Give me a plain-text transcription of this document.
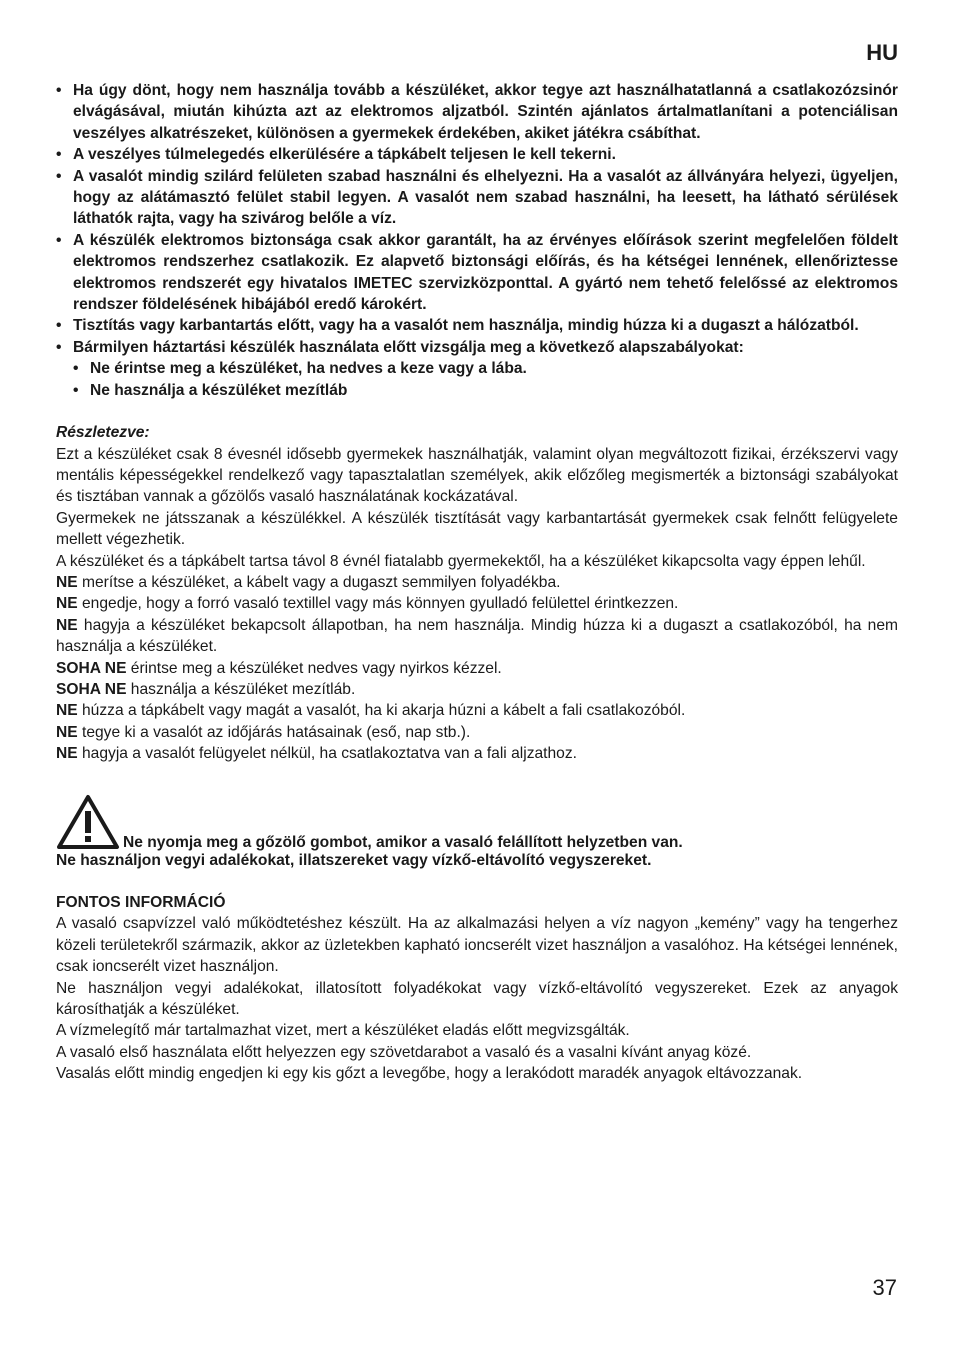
HU
• Ha úgy dönt, hogy nem használja tovább a készüléket, akkor tegye azt használhatatlanná a csatlakozózsinór elvágásával, miután kihúzta azt az elektromos aljzatból. Szintén ajánlatos ártalmatlanítani a potenciálisan veszélyes alkatrészeket, különösen a gyermekek érdekében, akiket játékra csábíthat.
• A veszélyes túlmelegedés elkerülésére a tápkábelt teljesen le kell tekerni.
• A vasalót mindig szilárd felületen szabad használni és elhelyezni. Ha a vasalót az állványára helyezi, ügyeljen, hogy az alátámasztó felület stabil legyen. A vasalót nem szabad használni, ha leesett, ha látható sérülések láthatók rajta, vagy ha szivárog belőle a víz.
• A készülék elektromos biztonsága csak akkor garantált, ha az érvényes előírások szerint megfelelően földelt elektromos rendszerhez csatlakozik. Ez alapvető biztonsági előírás, és ha kétségei lennének, ellenőriztesse elektromos rendszerét egy hivatalos IMETEC szervizközponttal. A gyártó nem tehető felelőssé az elektromos rendszer földelésének hibájából eredő károkért.
• Tisztítás vagy karbantartás előtt, vagy ha a vasalót nem használja, mindig húzza ki a dugaszt a hálózatból.
• Bármilyen háztartási készülék használata előtt vizsgálja meg a következő alapszabályokat:
• Ne érintse meg a készüléket, ha nedves a keze vagy a lába.
• Ne használja a készüléket mezítláb

Részletezve:

Ezt a készüléket csak 8 évesnél idősebb gyermekek használhatják, valamint olyan megváltozott fizikai, érzékszervi vagy mentális képességekkel rendelkező vagy tapasztalatlan személyek, akik előzőleg megismerték a biztonsági szabályokat és tisztában vannak a gőzölős vasaló használatának kockázatával.

Gyermekek ne játsszanak a készülékkel. A készülék tisztítását vagy karbantartását gyermekek csak felnőtt felügyelete mellett végezhetik.

A készüléket és a tápkábelt tartsa távol 8 évnél fiatalabb gyermekektől, ha a készüléket kikapcsolta vagy éppen lehűl.

NE merítse a készüléket, a kábelt vagy a dugaszt semmilyen folyadékba.

NE engedje, hogy a forró vasaló textillel vagy más könnyen gyulladó felülettel érintkezzen.

NE hagyja a készüléket bekapcsolt állapotban, ha nem használja. Mindig húzza ki a dugaszt a csatlakozóból, ha nem használja a készüléket.

SOHA NE érintse meg a készüléket nedves vagy nyirkos kézzel.

SOHA NE használja a készüléket mezítláb.

NE húzza a tápkábelt vagy magát a vasalót, ha ki akarja húzni a kábelt a fali csatlakozóból.

NE tegye ki a vasalót az időjárás hatásainak (eső, nap stb.).

NE hagyja a vasalót felügyelet nélkül, ha csatlakoztatva van a fali aljzathoz.

Ne nyomja meg a gőzölő gombot, amikor a vasaló felállított helyzetben van.

Ne használjon vegyi adalékokat, illatszereket vagy vízkő-eltávolító vegyszereket.

FONTOS INFORMÁCIÓ

A vasaló csapvízzel való működtetéshez készült. Ha az alkalmazási helyen a víz nagyon „kemény” vagy ha tengerhez közeli területekről származik, akkor az üzletekben kapható ioncserélt vizet használjon a vasalóhoz. Ha kétségei lennének, csak ioncserélt vizet használjon.

Ne használjon vegyi adalékokat, illatosított folyadékokat vagy vízkő-eltávolító vegyszereket. Ezek az anyagok károsíthatják a készüléket.

A vízmelegítő már tartalmazhat vizet, mert a készüléket eladás előtt megvizsgálták.

A vasaló első használata előtt helyezzen egy szövetdarabot a vasaló és a vasalni kívánt anyag közé.

Vasalás előtt mindig engedjen ki egy kis gőzt a levegőbe, hogy a lerakódott maradék anyagok eltávozzanak.

37
